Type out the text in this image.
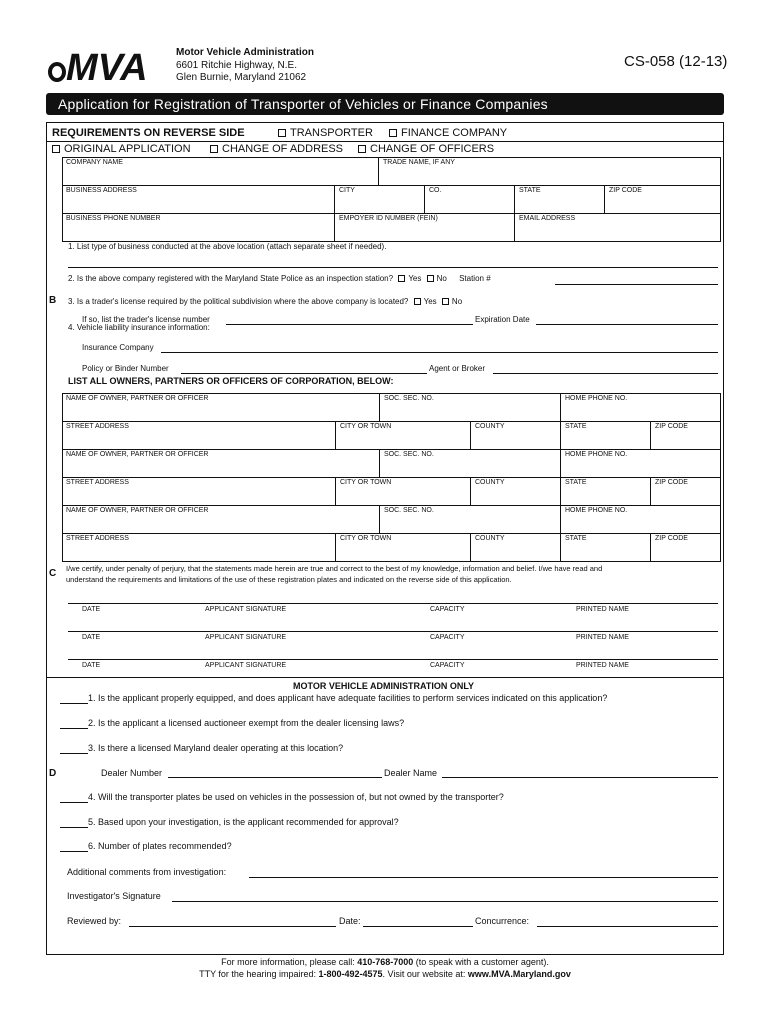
MVA	Motor Vehicle Administration
6601 Ritchie Highway, N.E.
Glen Burnie, Maryland 21062
CS-058 (12-13)
Application for Registration of Transporter of Vehicles or Finance Companies
REQUIREMENTS ON REVERSE SIDE	TRANSPORTER	FINANCE COMPANY
ORIGINAL APPLICATION	CHANGE OF ADDRESS	CHANGE OF OFFICERS
COMPANY NAME	TRADE NAME, IF ANY
BUSINESS ADDRESS	CITY	CO.	STATE	ZIP CODE
BUSINESS PHONE NUMBER	EMPOYER ID NUMBER (FEIN)	EMAIL ADDRESS
B
1. List type of business conducted at the above location (attach separate sheet if needed).
2. Is the above company registered with the Maryland State Police as an inspection station? Yes No Station #
3. Is a trader's license required by the political subdivision where the above company is located? Yes No
If so, list the trader's license number	Expiration Date
4. Vehicle liability insurance information:
Insurance Company
Policy or Binder Number	Agent or Broker
LIST ALL OWNERS, PARTNERS OR OFFICERS OF CORPORATION, BELOW:
NAME OF OWNER, PARTNER OR OFFICER	SOC. SEC. NO.	HOME PHONE NO.
STREET ADDRESS	CITY OR TOWN	COUNTY	STATE	ZIP CODE
NAME OF OWNER, PARTNER OR OFFICER	SOC. SEC. NO.	HOME PHONE NO.
STREET ADDRESS	CITY OR TOWN	COUNTY	STATE	ZIP CODE
NAME OF OWNER, PARTNER OR OFFICER	SOC. SEC. NO.	HOME PHONE NO.
STREET ADDRESS	CITY OR TOWN	COUNTY	STATE	ZIP CODE
C I/we certify, under penalty of perjury, that the statements made herein are true and correct to the best of my knowledge, information and belief. I/we have read and
understand the requirements and limitations of the use of these registration plates and indicated on the reverse side of this application.
DATE	APPLICANT SIGNATURE	CAPACITY	PRINTED NAME
DATE	APPLICANT SIGNATURE	CAPACITY	PRINTED NAME
DATE	APPLICANT SIGNATURE	CAPACITY	PRINTED NAME
MOTOR VEHICLE ADMINISTRATION ONLY
D
1. Is the applicant properly equipped, and does applicant have adequate facilities to perform services indicated on this application?
2. Is the applicant a licensed auctioneer exempt from the dealer licensing laws?
3. Is there a licensed Maryland dealer operating at this location?
Dealer Number	Dealer Name
4. Will the transporter plates be used on vehicles in the possession of, but not owned by the transporter?
5. Based upon your investigation, is the applicant recommended for approval?
6. Number of plates recommended?
Additional comments from investigation:
Investigator's Signature
Reviewed by:	Date:	Concurrence:
For more information, please call: 410-768-7000 (to speak with a customer agent).
TTY for the hearing impaired: 1-800-492-4575. Visit our website at: www.MVA.Maryland.gov
